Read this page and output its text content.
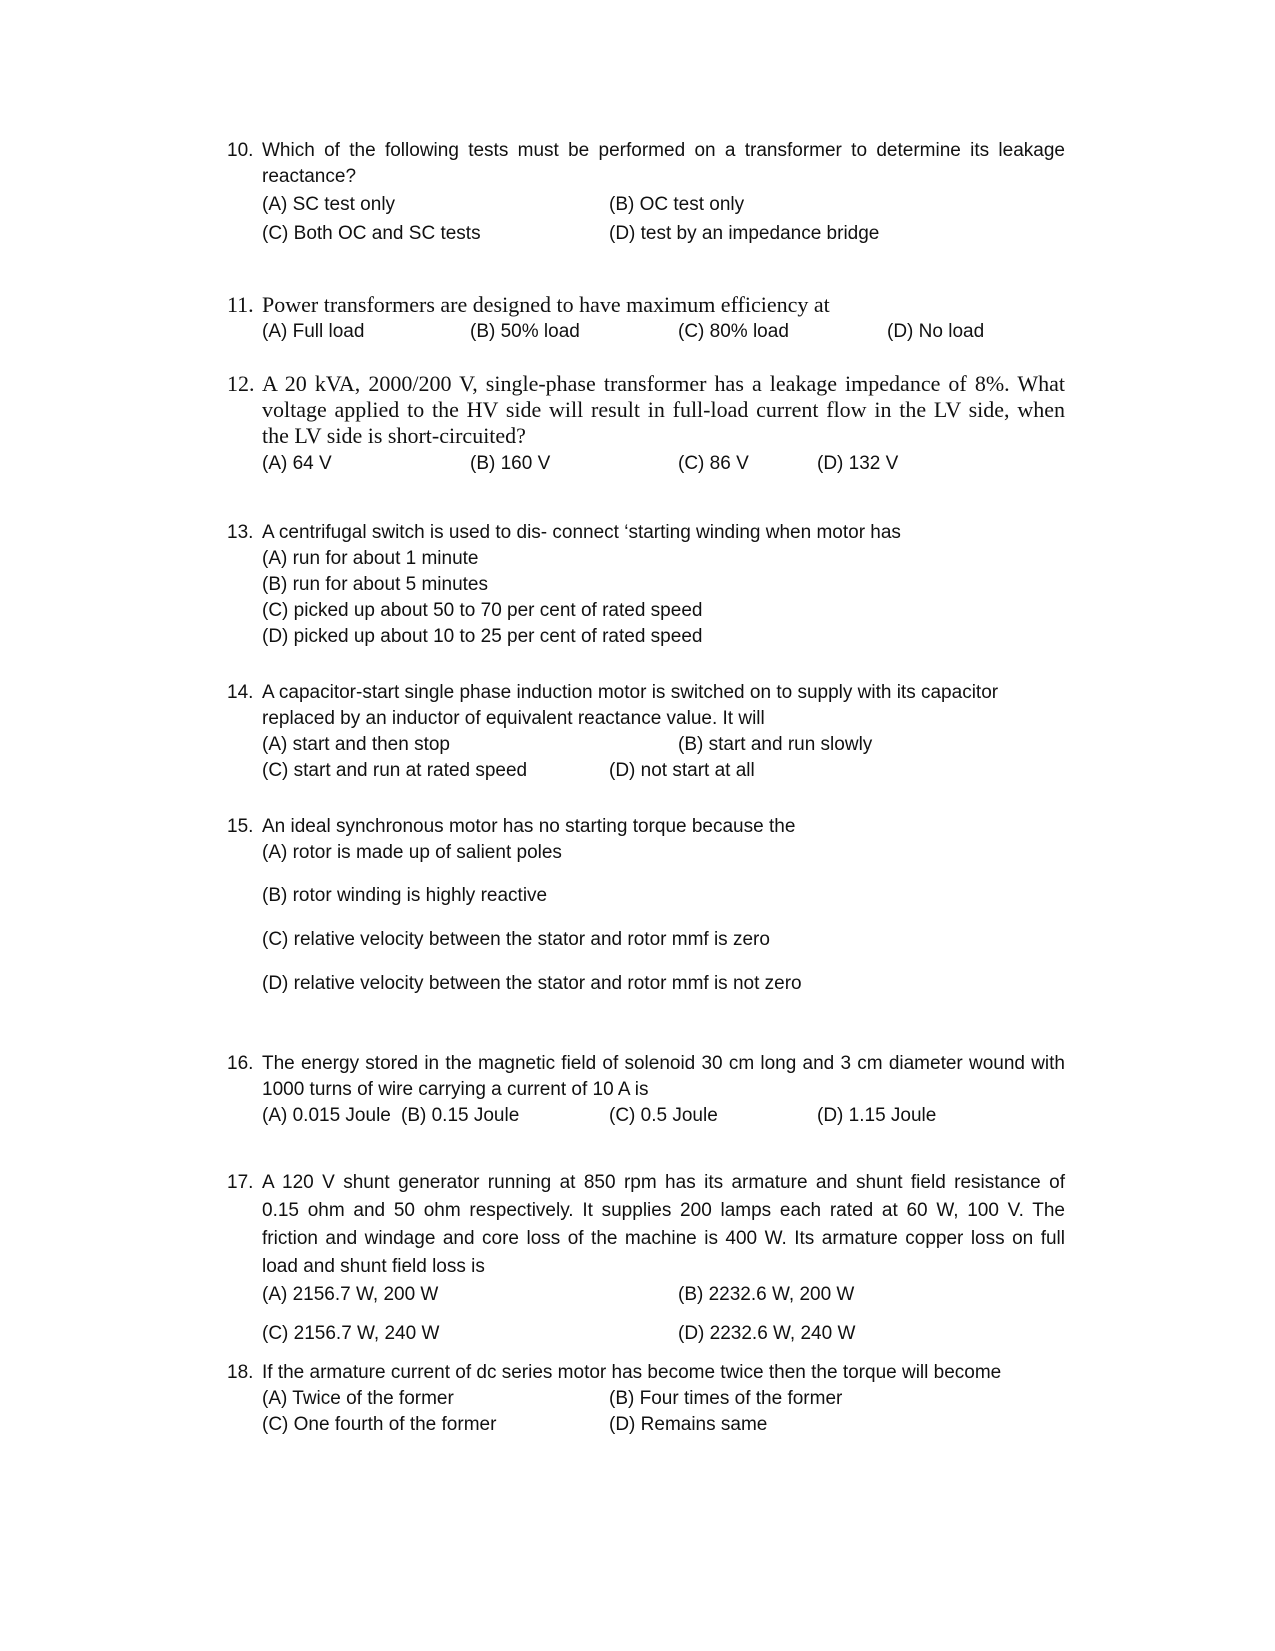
10. Which of the following tests must be performed on a transformer to determine its leakage
reactance?
(A) SC test only	(B) OC test only
(C) Both OC and SC tests	(D) test by an impedance bridge
11. Power transformers are designed to have maximum efficiency at
(A) Full load	(B) 50% load	(C) 80% load	(D) No load
12. A 20 kVA, 2000/200 V, single-phase transformer has a leakage impedance of 8%. What
voltage applied to the HV side will result in full-load current flow in the LV side, when
the LV side is short-circuited?
(A) 64 V	(B) 160 V	(C) 86 V	(D) 132 V
13. A centrifugal switch is used to dis- connect ‘starting winding when motor has
(A) run for about 1 minute
(B) run for about 5 minutes
(C) picked up about 50 to 70 per cent of rated speed
(D) picked up about 10 to 25 per cent of rated speed
14. A capacitor-start single phase induction motor is switched on to supply with its capacitor
replaced by an inductor of equivalent reactance value. It will
(A) start and then stop	(B) start and run slowly
(C) start and run at rated speed	(D) not start at all
15. An ideal synchronous motor has no starting torque because the
(A) rotor is made up of salient poles
(B) rotor winding is highly reactive
(C) relative velocity between the stator and rotor mmf is zero
(D) relative velocity between the stator and rotor mmf is not zero
16. The energy stored in the magnetic field of solenoid 30 cm long and 3 cm diameter wound with
1000 turns of wire carrying a current of 10 A is
(A) 0.015 Joule (B) 0.15 Joule	(C) 0.5 Joule	(D) 1.15 Joule
17. A 120 V shunt generator running at 850 rpm has its armature and shunt field resistance of
0.15 ohm and 50 ohm respectively. It supplies 200 lamps each rated at 60 W, 100 V. The
friction and windage and core loss of the machine is 400 W. Its armature copper loss on full
load and shunt field loss is
(A) 2156.7 W, 200 W	(B) 2232.6 W, 200 W
(C) 2156.7 W, 240 W	(D) 2232.6 W, 240 W
18. If the armature current of dc series motor has become twice then the torque will become
(A) Twice of the former	(B) Four times of the former
(C) One fourth of the former	(D) Remains same
